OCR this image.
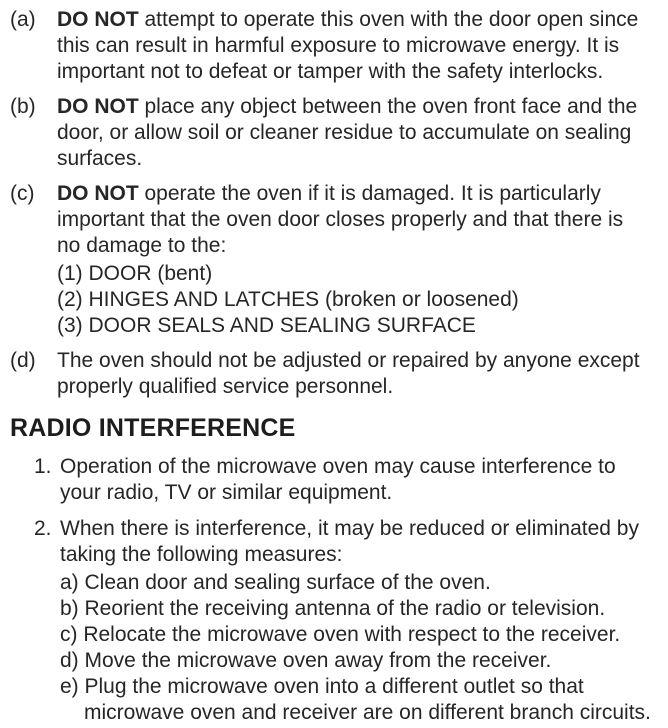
(a)	DO NOT attempt to operate this oven with the door open since this can result in harmful exposure to microwave energy. It is important not to defeat or tamper with the safety interlocks.

(b)	DO NOT place any object between the oven front face and the door, or allow soil or cleaner residue to accumulate on sealing surfaces.

(c)	DO NOT operate the oven if it is damaged. It is particularly important that the oven door closes properly and that there is no damage to the:

(1) DOOR (bent)

(2) HINGES AND LATCHES (broken or loosened)

(3) DOOR SEALS AND SEALING SURFACE

(d)	The oven should not be adjusted or repaired by anyone except properly qualified service personnel.

RADIO INTERFERENCE
1. Operation of the microwave oven may cause interference to your radio, TV or similar equipment.

2. When there is interference, it may be reduced or eliminated by taking the following measures:

a) Clean door and sealing surface of the oven.

b) Reorient the receiving antenna of the radio or television.

c) Relocate the microwave oven with respect to the receiver.

d) Move the microwave oven away from the receiver.

e) Plug the microwave oven into a different outlet so that microwave oven and receiver are on different branch circuits.
